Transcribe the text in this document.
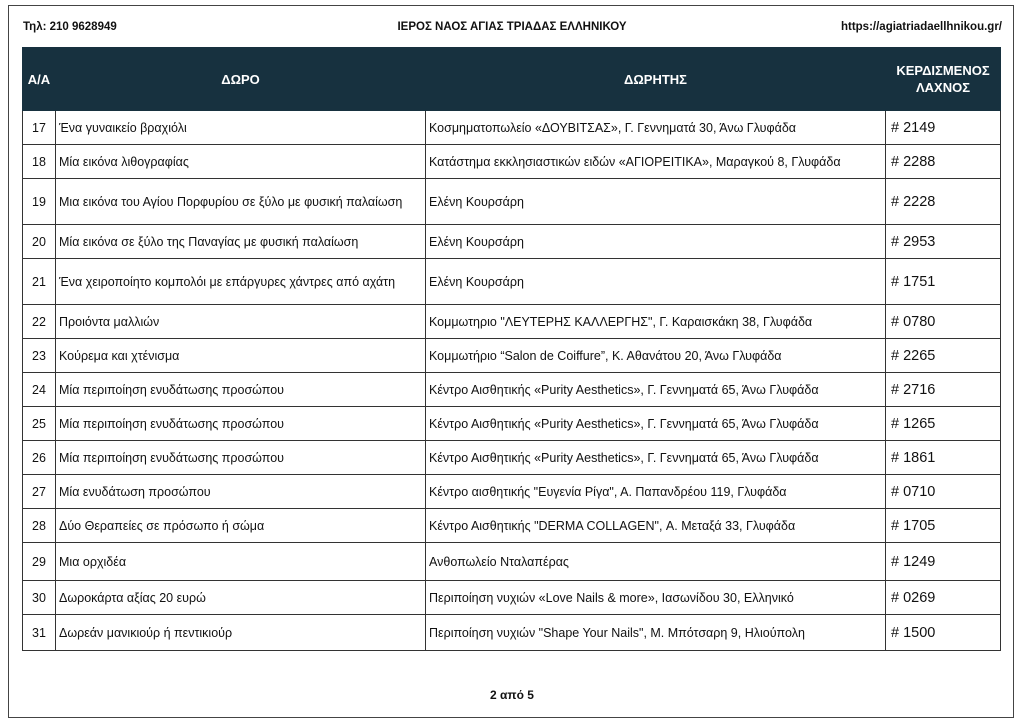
Τηλ: 210 9628949	ΙΕΡΟΣ ΝΑΟΣ ΑΓΙΑΣ ΤΡΙΑΔΑΣ ΕΛΛΗΝΙΚΟΥ	https://agiatriadaellhnikou.gr/
Α/Α	ΔΩΡΟ	ΔΩΡΗΤΗΣ	ΚΕΡΔΙΣΜΕΝΟΣ ΛΑΧΝΟΣ
17	Ένα γυναικείο βραχιόλι	Κοσμηματοπωλείο «ΔΟΥΒΙΤΣΑΣ», Γ. Γεννηματά 30, Άνω Γλυφάδα	# 2149
18	Μία εικόνα λιθογραφίας	Κατάστημα εκκλησιαστικών ειδών «ΑΓΙΟΡΕΙΤΙΚΑ», Μαραγκού 8, Γλυφάδα	# 2288
19	Μια εικόνα του Αγίου Πορφυρίου σε ξύλο με φυσική παλαίωση	Ελένη Κουρσάρη	# 2228
20	Μία εικόνα σε ξύλο της Παναγίας με φυσική παλαίωση	Ελένη Κουρσάρη	# 2953
21	Ένα χειροποίητο κομπολόι με επάργυρες χάντρες από αχάτη	Ελένη Κουρσάρη	# 1751
22	Προιόντα μαλλιών	Κομμωτηριο "ΛΕΥΤΕΡΗΣ ΚΑΛΛΕΡΓΗΣ", Γ. Καραισκάκη 38, Γλυφάδα	# 0780
23	Κούρεμα και χτένισμα	Κομμωτήριο “Salon de Coiffure”, Κ. Αθανάτου 20, Άνω Γλυφάδα	# 2265
24	Μία περιποίηση ενυδάτωσης προσώπου	Κέντρο Αισθητικής «Purity Aesthetics», Γ. Γεννηματά 65, Άνω Γλυφάδα	# 2716
25	Μία περιποίηση ενυδάτωσης προσώπου	Κέντρο Αισθητικής «Purity Aesthetics», Γ. Γεννηματά 65, Άνω Γλυφάδα	# 1265
26	Μία περιποίηση ενυδάτωσης προσώπου	Κέντρο Αισθητικής «Purity Aesthetics», Γ. Γεννηματά 65, Άνω Γλυφάδα	# 1861
27	Μία ενυδάτωση προσώπου	Κέντρο αισθητικής "Ευγενία Ρίγα", Α. Παπανδρέου 119, Γλυφάδα	# 0710
28	Δύο Θεραπείες σε πρόσωπο ή σώμα	Κέντρο Αισθητικής "DERMA COLLAGEN", Α. Μεταξά 33, Γλυφάδα	# 1705
29	Μια ορχιδέα	Ανθοπωλείο Νταλαπέρας	# 1249
30	Δωροκάρτα αξίας 20 ευρώ	Περιποίηση νυχιών «Love Nails & more», Ιασωνίδου 30, Ελληνικό	# 0269
31	Δωρεάν μανικιούρ ή πεντικιούρ	Περιποίηση νυχιών "Shape Your Nails", Μ. Μπότσαρη 9, Ηλιούπολη	# 1500
2 από 5
